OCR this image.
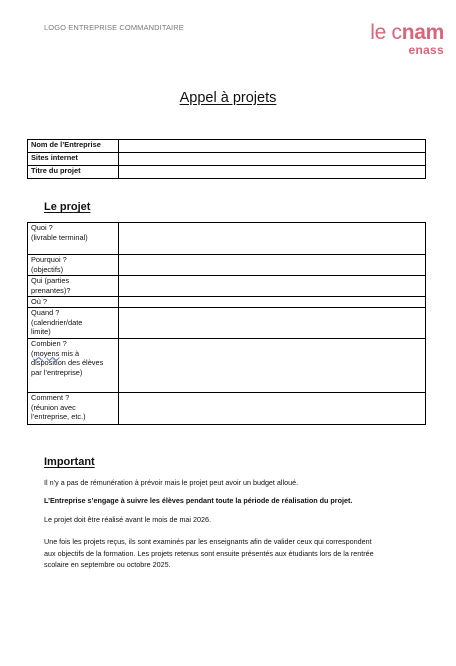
LOGO ENTREPRISE COMMANDITAIRE	le cnam
enass
Appel à projets
Nom de l’Entreprise	
Sites internet	
Titre du projet	
Le projet
Quoi ?
(livrable terminal)	

Pourquoi ?
(objectifs)	

Qui (parties
prenantes)?	

Où ?	

Quand ?
(calendrier/date
limite)	

Combien ?
(moyens mis à
disposition des élèves
par l’entreprise)	

Comment ?
(réunion avec
l’entreprise, etc.)	

Important
Il n’y a pas de rémunération à prévoir mais le projet peut avoir un budget alloué.
L’Entreprise s’engage à suivre les élèves pendant toute la période de réalisation du projet.
Le projet doit être réalisé avant le mois de mai 2026.
Une fois les projets reçus, ils sont examinés par les enseignants afin de valider ceux qui correspondent aux objectifs de la formation. Les projets retenus sont ensuite présentés aux étudiants lors de la rentrée scolaire en septembre ou octobre 2025.
